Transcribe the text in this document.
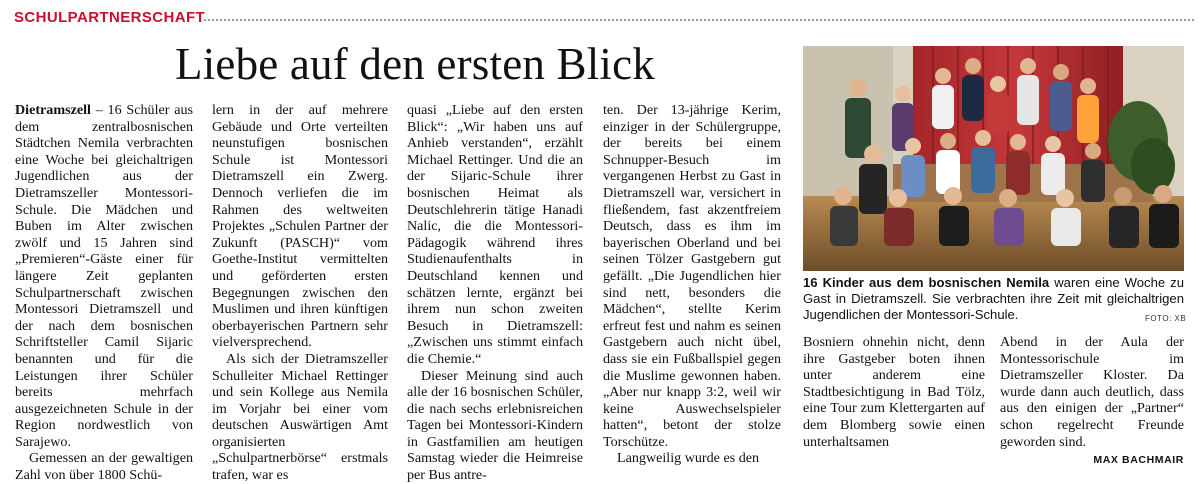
SCHULPARTNERSCHAFT
Liebe auf den ersten Blick

Dietramszell – 16 Schüler aus dem zentralbosnischen Städtchen Nemila verbrachten eine Woche bei gleichaltrigen Jugendlichen aus der Dietramszeller Montessori-Schule. Die Mädchen und Buben im Alter zwischen zwölf und 15 Jahren sind „Premieren“-Gäste einer für längere Zeit geplanten Schulpartnerschaft zwischen Montessori Dietramszell und der nach dem bosnischen Schriftsteller Camil Sijaric benannten und für die Leistungen ihrer Schüler bereits mehrfach ausgezeichneten Schule in der Region nordwestlich von Sarajewo.

Gemessen an der gewaltigen Zahl von über 1800 Schü-

lern in der auf mehrere Gebäude und Orte verteilten neunstufigen bosnischen Schule ist Montessori Dietramszell ein Zwerg. Dennoch verliefen die im Rahmen des weltweiten Projektes „Schulen Partner der Zukunft (PASCH)“ vom Goethe-Institut vermittelten und geförderten ersten Begegnungen zwischen den Muslimen und ihren künftigen oberbayerischen Partnern sehr vielversprechend.

Als sich der Dietramszeller Schulleiter Michael Rettinger und sein Kollege aus Nemila im Vorjahr bei einer vom deutschen Auswärtigen Amt organisierten „Schulpartnerbörse“ erstmals trafen, war es

quasi „Liebe auf den ersten Blick“: „Wir haben uns auf Anhieb verstanden“, erzählt Michael Rettinger. Und die an der Sijaric-Schule ihrer bosnischen Heimat als Deutschlehrerin tätige Hanadi Nalic, die die Montessori-Pädagogik während ihres Studienaufenthalts in Deutschland kennen und schätzen lernte, ergänzt bei ihrem nun schon zweiten Besuch in Dietramszell: „Zwischen uns stimmt einfach die Chemie.“

Dieser Meinung sind auch alle der 16 bosnischen Schüler, die nach sechs erlebnisreichen Tagen bei Montessori-Kindern in Gastfamilien am heutigen Samstag wieder die Heimreise per Bus antre-

ten. Der 13-jährige Kerim, einziger in der Schülergruppe, der bereits bei einem Schnupper-Besuch im vergangenen Herbst zu Gast in Dietramszell war, versichert in fließendem, fast akzentfreiem Deutsch, dass es ihm im bayerischen Oberland und bei seinen Tölzer Gastgebern gut gefällt. „Die Jugendlichen hier sind nett, besonders die Mädchen“, stellte Kerim erfreut fest und nahm es seinen Gastgebern auch nicht übel, dass sie ein Fußballspiel gegen die Muslime gewonnen haben. „Aber nur knapp 3:2, weil wir keine Auswechselspieler hatten“, betont der stolze Torschütze.

Langweilig wurde es den

16 Kinder aus dem bosnischen Nemila waren eine Woche zu Gast in Dietramszell. Sie verbrachten ihre Zeit mit gleichaltrigen Jugendlichen der Montessori-Schule.	FOTO: XB

Bosniern ohnehin nicht, denn ihre Gastgeber boten ihnen unter anderem eine Stadtbesichtigung in Bad Tölz, eine Tour zum Klettergarten auf dem Blomberg sowie einen unterhaltsamen

Abend in der Aula der Montessorischule im Dietramszeller Kloster. Da wurde dann auch deutlich, dass aus den einigen der „Partner“ schon regelrecht Freunde geworden sind.

MAX BACHMAIR
